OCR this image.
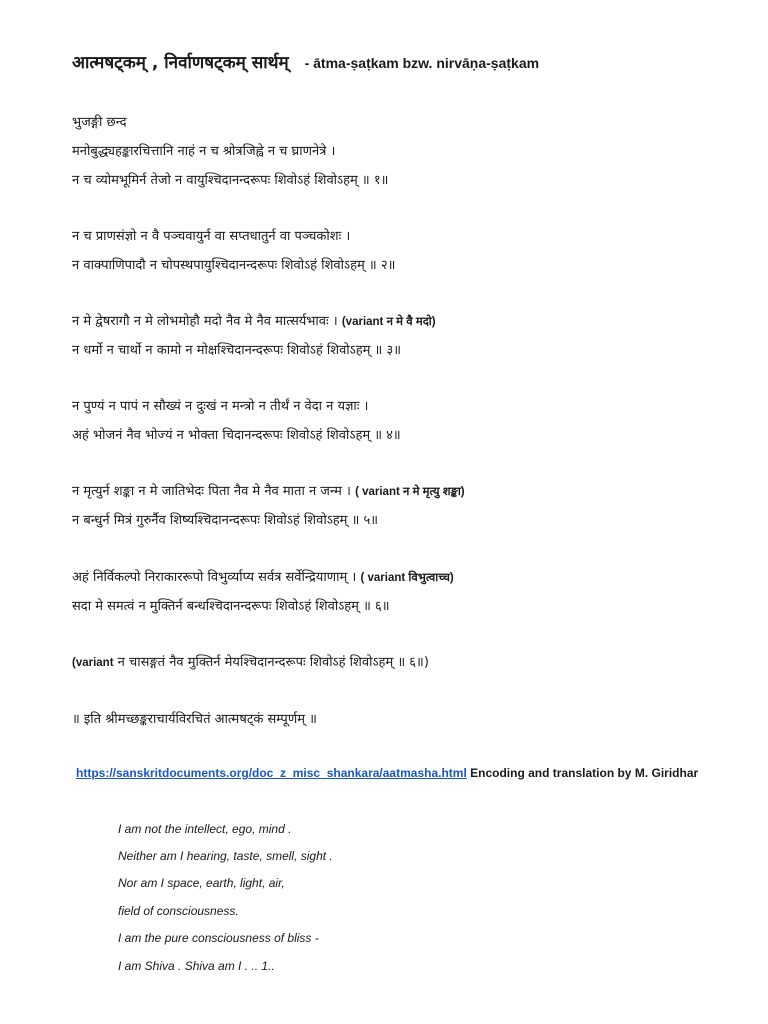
आत्मषट्कम् , निर्वाणषट्कम् सार्थम् - ātma-ṣaṭkam bzw. nirvāṇa-ṣaṭkam
भुजङ्गी छन्द
मनोबुद्ध्यहङ्कारचित्तानि नाहं न च श्रोत्रजिह्वे न च घ्राणनेत्रे ।
न च व्योमभूमिर्न तेजो न वायुश्चिदानन्दरूपः शिवोऽहं शिवोऽहम् ॥ १॥
न च प्राणसंज्ञो न वै पञ्चवायुर्न वा सप्तधातुर्न वा पञ्चकोशः ।
न वाक्पाणिपादौ न चोपस्थपायुश्चिदानन्दरूपः शिवोऽहं शिवोऽहम् ॥ २॥
न मे द्वेषरागौ न मे लोभमोहौ मदो नैव मे नैव मात्सर्यभावः । (variant न मे वै मदो)
न धर्मो न चार्थो न कामो न मोक्षश्चिदानन्दरूपः शिवोऽहं शिवोऽहम् ॥ ३॥
न पुण्यं न पापं न सौख्यं न दुःखं न मन्त्रो न तीर्थं न वेदा न यज्ञाः ।
अहं भोजनं नैव भोज्यं न भोक्ता चिदानन्दरूपः शिवोऽहं शिवोऽहम् ॥ ४॥
न मृत्युर्न शङ्का न मे जातिभेदः पिता नैव मे नैव माता न जन्म । ( variant न मे मृत्यु शङ्का)
न बन्धुर्न मित्रं गुरुर्नैव शिष्यश्चिदानन्दरूपः शिवोऽहं शिवोऽहम् ॥ ५॥
अहं निर्विकल्पो निराकाररूपो विभुर्व्याप्य सर्वत्र सर्वेन्द्रियाणाम् । ( variant विभुत्वाच्च)
सदा मे समत्वं न मुक्तिर्न बन्धश्चिदानन्दरूपः शिवोऽहं शिवोऽहम् ॥ ६॥
(variant न चासङ्गतं नैव मुक्तिर्न मेयश्चिदानन्दरूपः शिवोऽहं शिवोऽहम् ॥ ६॥)
॥ इति श्रीमच्छङ्कराचार्यविरचितं आत्मषट्कं सम्पूर्णम् ॥
https://sanskritdocuments.org/doc_z_misc_shankara/aatmasha.html Encoding and translation by M. Giridhar
I am not the intellect, ego, mind .
Neither am I hearing, taste, smell, sight .
Nor am I space, earth, light, air,
field of consciousness.
I am the pure consciousness of bliss -
I am Shiva . Shiva am I . .. 1..
